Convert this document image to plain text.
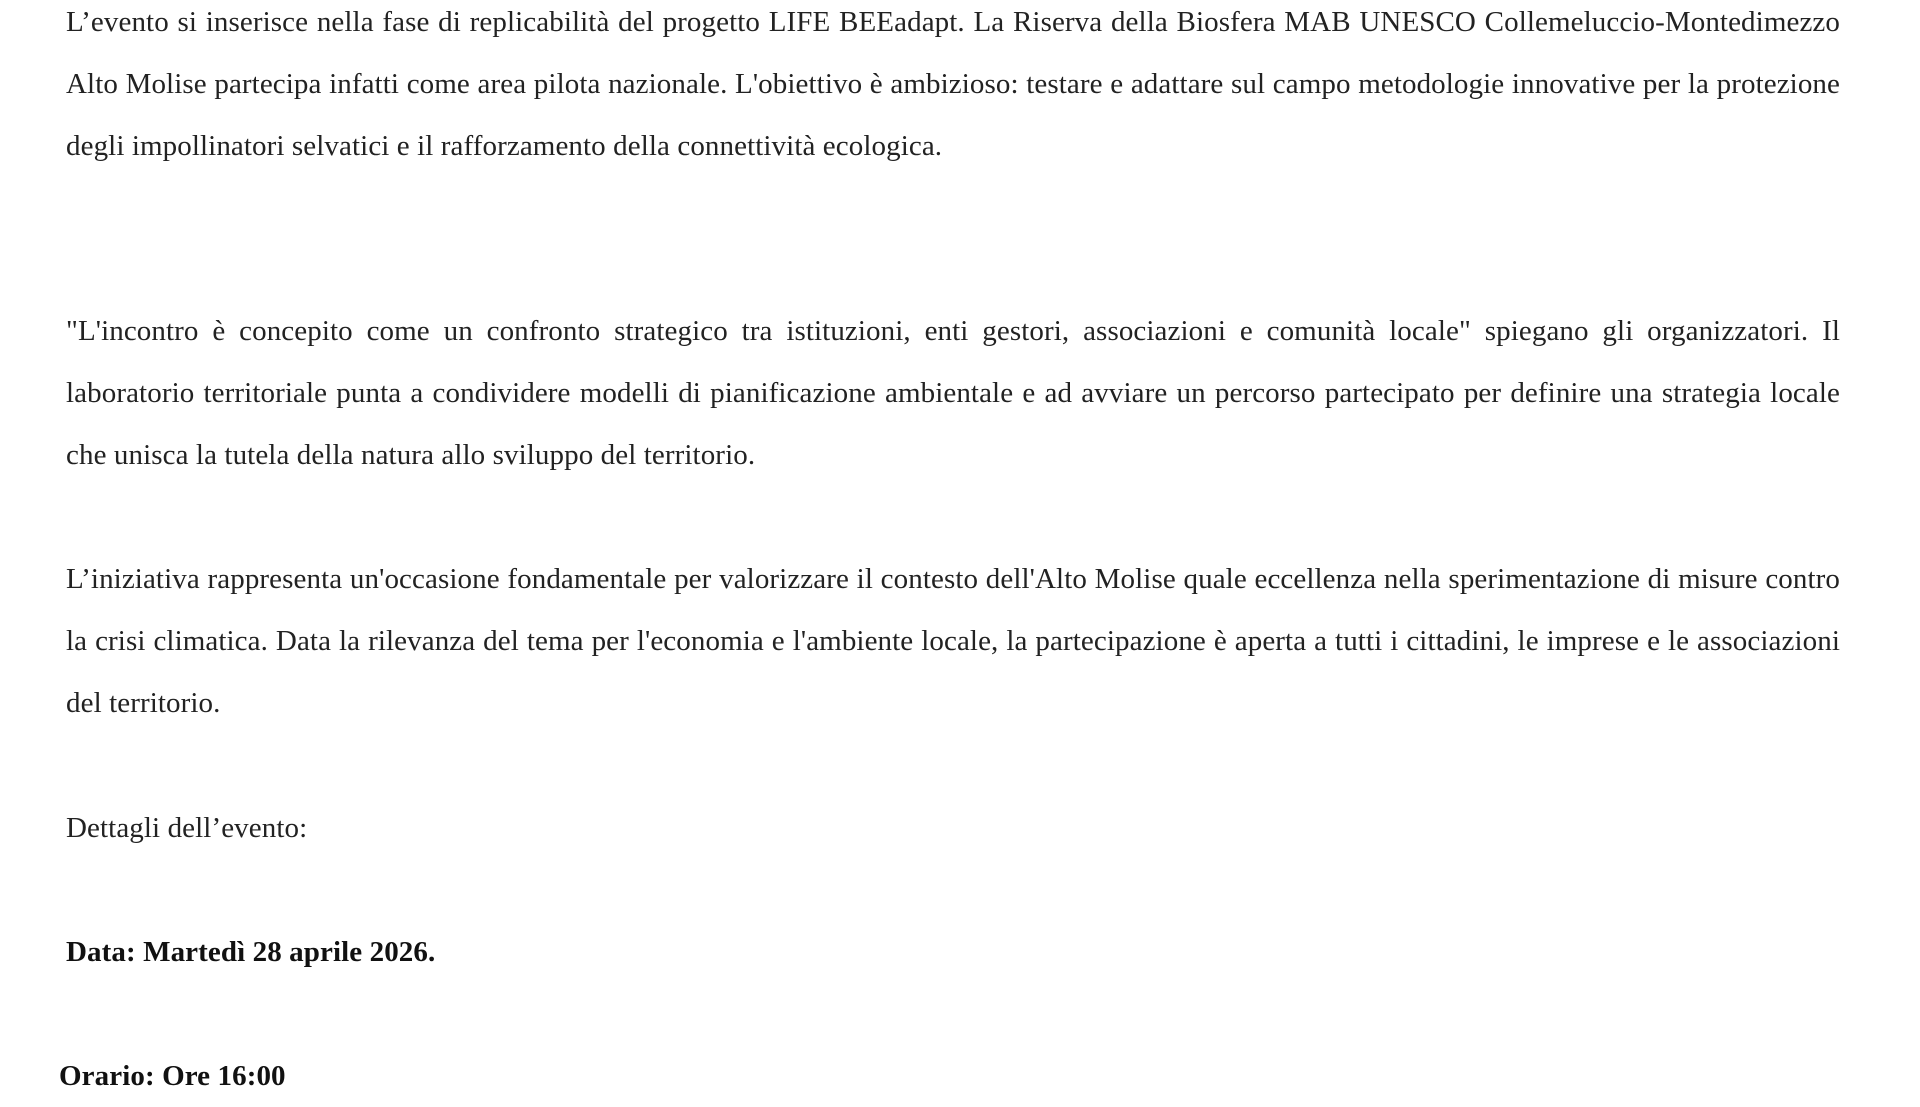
L’evento si inserisce nella fase di replicabilità del progetto LIFE BEEadapt. La Riserva della Biosfera MAB UNESCO Collemeluccio-Montedimezzo Alto Molise partecipa infatti come area pilota nazionale. L'obiettivo è ambizioso: testare e adattare sul campo metodologie innovative per la protezione degli impollinatori selvatici e il rafforzamento della connettività ecologica.

"L'incontro è concepito come un confronto strategico tra istituzioni, enti gestori, associazioni e comunità locale" spiegano gli organizzatori. Il laboratorio territoriale punta a condividere modelli di pianificazione ambientale e ad avviare un percorso partecipato per definire una strategia locale che unisca la tutela della natura allo sviluppo del territorio.

L’iniziativa rappresenta un'occasione fondamentale per valorizzare il contesto dell'Alto Molise quale eccellenza nella sperimentazione di misure contro la crisi climatica. Data la rilevanza del tema per l'economia e l'ambiente locale, la partecipazione è aperta a tutti i cittadini, le imprese e le associazioni del territorio.

Dettagli dell’evento:

Data: Martedì 28 aprile 2026.

Orario: Ore 16:00
